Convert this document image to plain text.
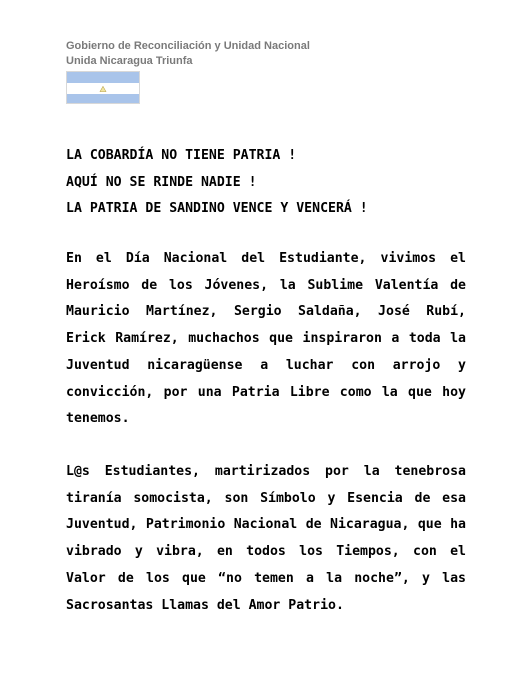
Gobierno de Reconciliación y Unidad Nacional
Unida Nicaragua Triunfa
LA COBARDÍA NO TIENE PATRIA !
AQUÍ NO SE RINDE NADIE !
LA PATRIA DE SANDINO VENCE Y VENCERÁ !
En el Día Nacional del Estudiante, vivimos el Heroísmo de los Jóvenes, la Sublime Valentía de Mauricio Martínez, Sergio Saldaña, José Rubí, Erick Ramírez, muchachos que inspiraron a toda la Juventud nicaragüense a luchar con arrojo y convicción, por una Patria Libre como la que hoy tenemos.
L@s Estudiantes, martirizados por la tenebrosa tiranía somocista, son Símbolo y Esencia de esa Juventud, Patrimonio Nacional de Nicaragua, que ha vibrado y vibra, en todos los Tiempos, con el Valor de los que “no temen a la noche”, y las Sacrosantas Llamas del Amor Patrio.
